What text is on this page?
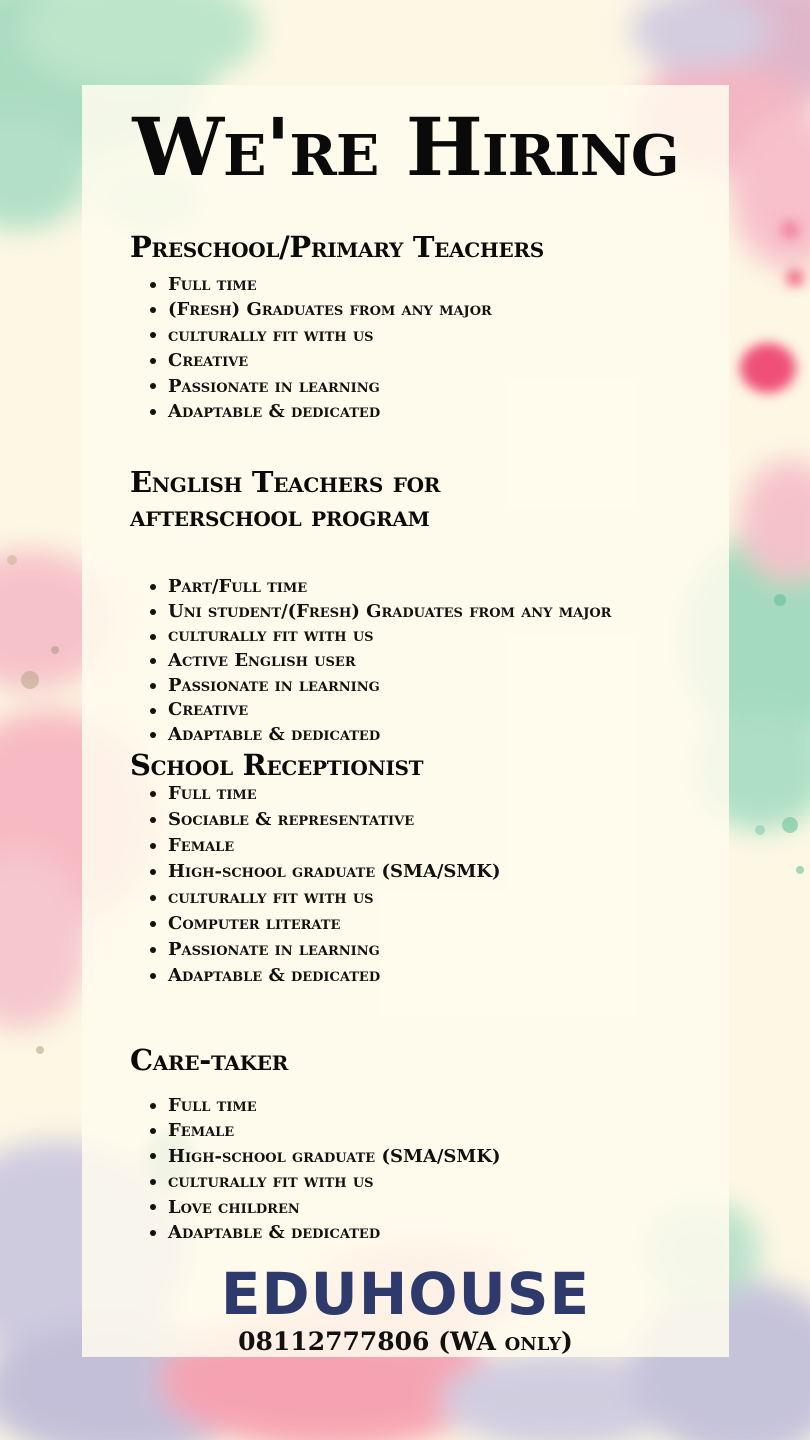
We're Hiring
Preschool/Primary Teachers
Full time
(Fresh) Graduates from any major
culturally fit with us
Creative
Passionate in learning
Adaptable & dedicated
English Teachers for
afterschool program
Part/Full time
Uni student/(Fresh) Graduates from any major
culturally fit with us
Active English user
Passionate in learning
Creative
Adaptable & dedicated
School Receptionist
Full time
Sociable & representative
Female
High-school graduate (SMA/SMK)
culturally fit with us
Computer literate
Passionate in learning
Adaptable & dedicated
Care-taker
Full time
Female
High-school graduate (SMA/SMK)
culturally fit with us
Love children
Adaptable & dedicated
EDUHOUSE
08112777806 (WA only)
